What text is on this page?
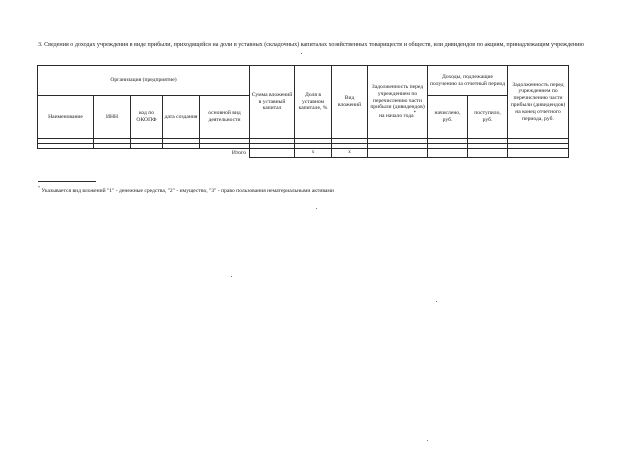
3. Сведения о доходах учреждения в виде прибыли, приходящейся на доли в уставных (складочных) капиталах хозяйственных товариществ и обществ, или дивидендов по акциям, принадлежащим учреждению
Организация (предприятие)					Сумма вложений в уставный капитал	Доля в уставном капитале, %	Вид вложений	Задолженность перед учреждением по перечислению части прибыли (дивидендов) на начало года*	Доходы, подлежащие получению за отчетный период		Задолженность перед учреждением по перечислению части прибыли (дивидендов) на конец отчетного периода, руб.
Наименование	ИНН	код по ОКОПФ	дата создания	основной вид деятельности					начислено, руб.	поступило, руб.	

Итого						х	х				
* Указывается вид вложений "1" - денежные средства, "2" - имущество, "3" - право пользования нематериальными активами
